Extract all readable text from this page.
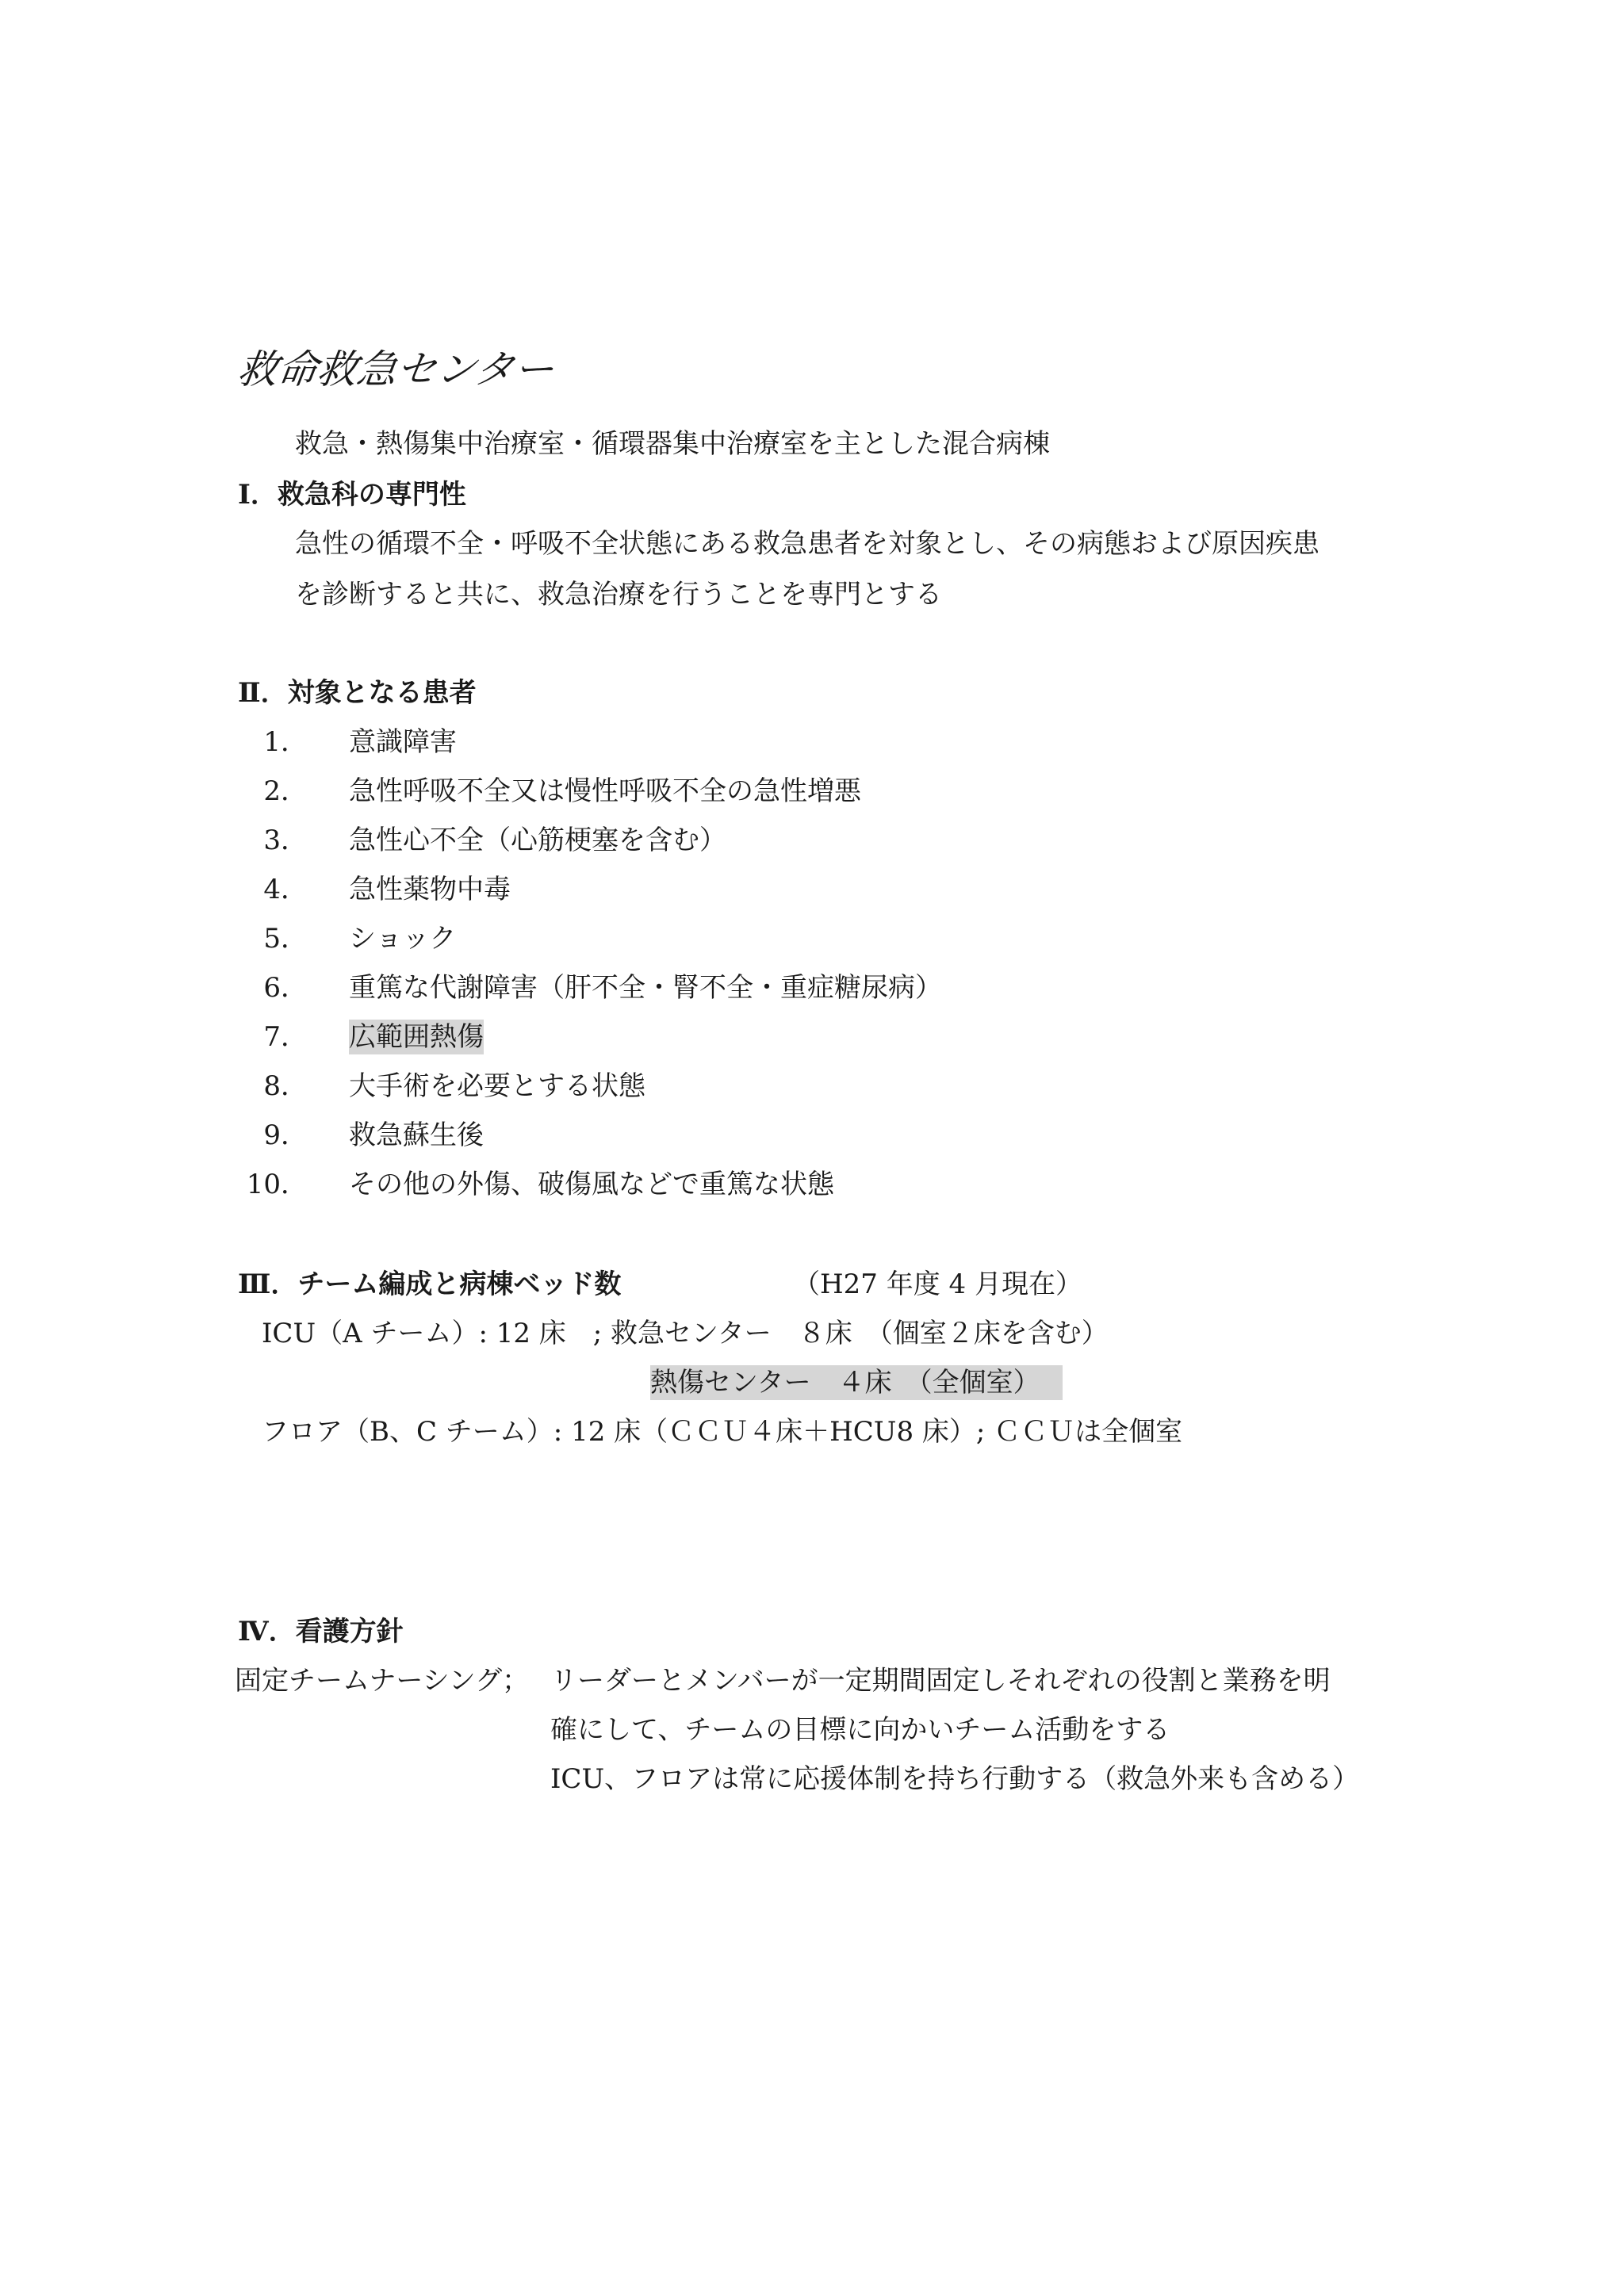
救命救急センター
救急・熱傷集中治療室・循環器集中治療室を主とした混合病棟
Ⅰ．救急科の専門性
急性の循環不全・呼吸不全状態にある救急患者を対象とし、その病態および原因疾患
を診断すると共に、救急治療を行うことを専門とする
Ⅱ．対象となる患者
1． 意識障害
2． 急性呼吸不全又は慢性呼吸不全の急性増悪
3． 急性心不全（心筋梗塞を含む）
4． 急性薬物中毒
5． ショック
6． 重篤な代謝障害（肝不全・腎不全・重症糖尿病）
7． 広範囲熱傷
8． 大手術を必要とする状態
9． 救急蘇生後
10． その他の外傷、破傷風などで重篤な状態
Ⅲ．チーム編成と病棟ベッド数	（H27 年度 4 月現在）
ICU（A チーム）: 12 床　; 救急センター　８床　（個室２床を含む）
熱傷センター　４床　（全個室）
フロア（B、C チーム）: 12 床（ＣＣＵ４床＋HCU8 床）; ＣＣＵは全個室
Ⅳ．看護方針
固定チームナーシング； リーダーとメンバーが一定期間固定しそれぞれの役割と業務を明
確にして、チームの目標に向かいチーム活動をする
ICU、フロアは常に応援体制を持ち行動する（救急外来も含める）
